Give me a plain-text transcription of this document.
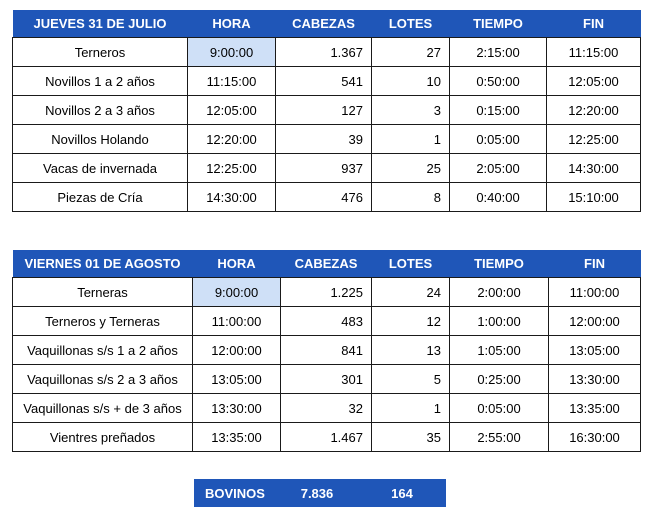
JUEVES 31 DE JULIO	HORA	CABEZAS	LOTES	TIEMPO	FIN
Terneros	9:00:00	1.367	27	2:15:00	11:15:00
Novillos 1 a 2 años	11:15:00	541	10	0:50:00	12:05:00
Novillos 2 a 3 años	12:05:00	127	3	0:15:00	12:20:00
Novillos Holando	12:20:00	39	1	0:05:00	12:25:00
Vacas de invernada	12:25:00	937	25	2:05:00	14:30:00
Piezas de Cría	14:30:00	476	8	0:40:00	15:10:00
VIERNES 01 DE AGOSTO	HORA	CABEZAS	LOTES	TIEMPO	FIN
Terneras	9:00:00	1.225	24	2:00:00	11:00:00
Terneros y Terneras	11:00:00	483	12	1:00:00	12:00:00
Vaquillonas s/s 1 a 2 años	12:00:00	841	13	1:05:00	13:05:00
Vaquillonas s/s 2 a 3 años	13:05:00	301	5	0:25:00	13:30:00
Vaquillonas s/s + de 3 años	13:30:00	32	1	0:05:00	13:35:00
Vientres preñados	13:35:00	1.467	35	2:55:00	16:30:00
BOVINOS	7.836	164
